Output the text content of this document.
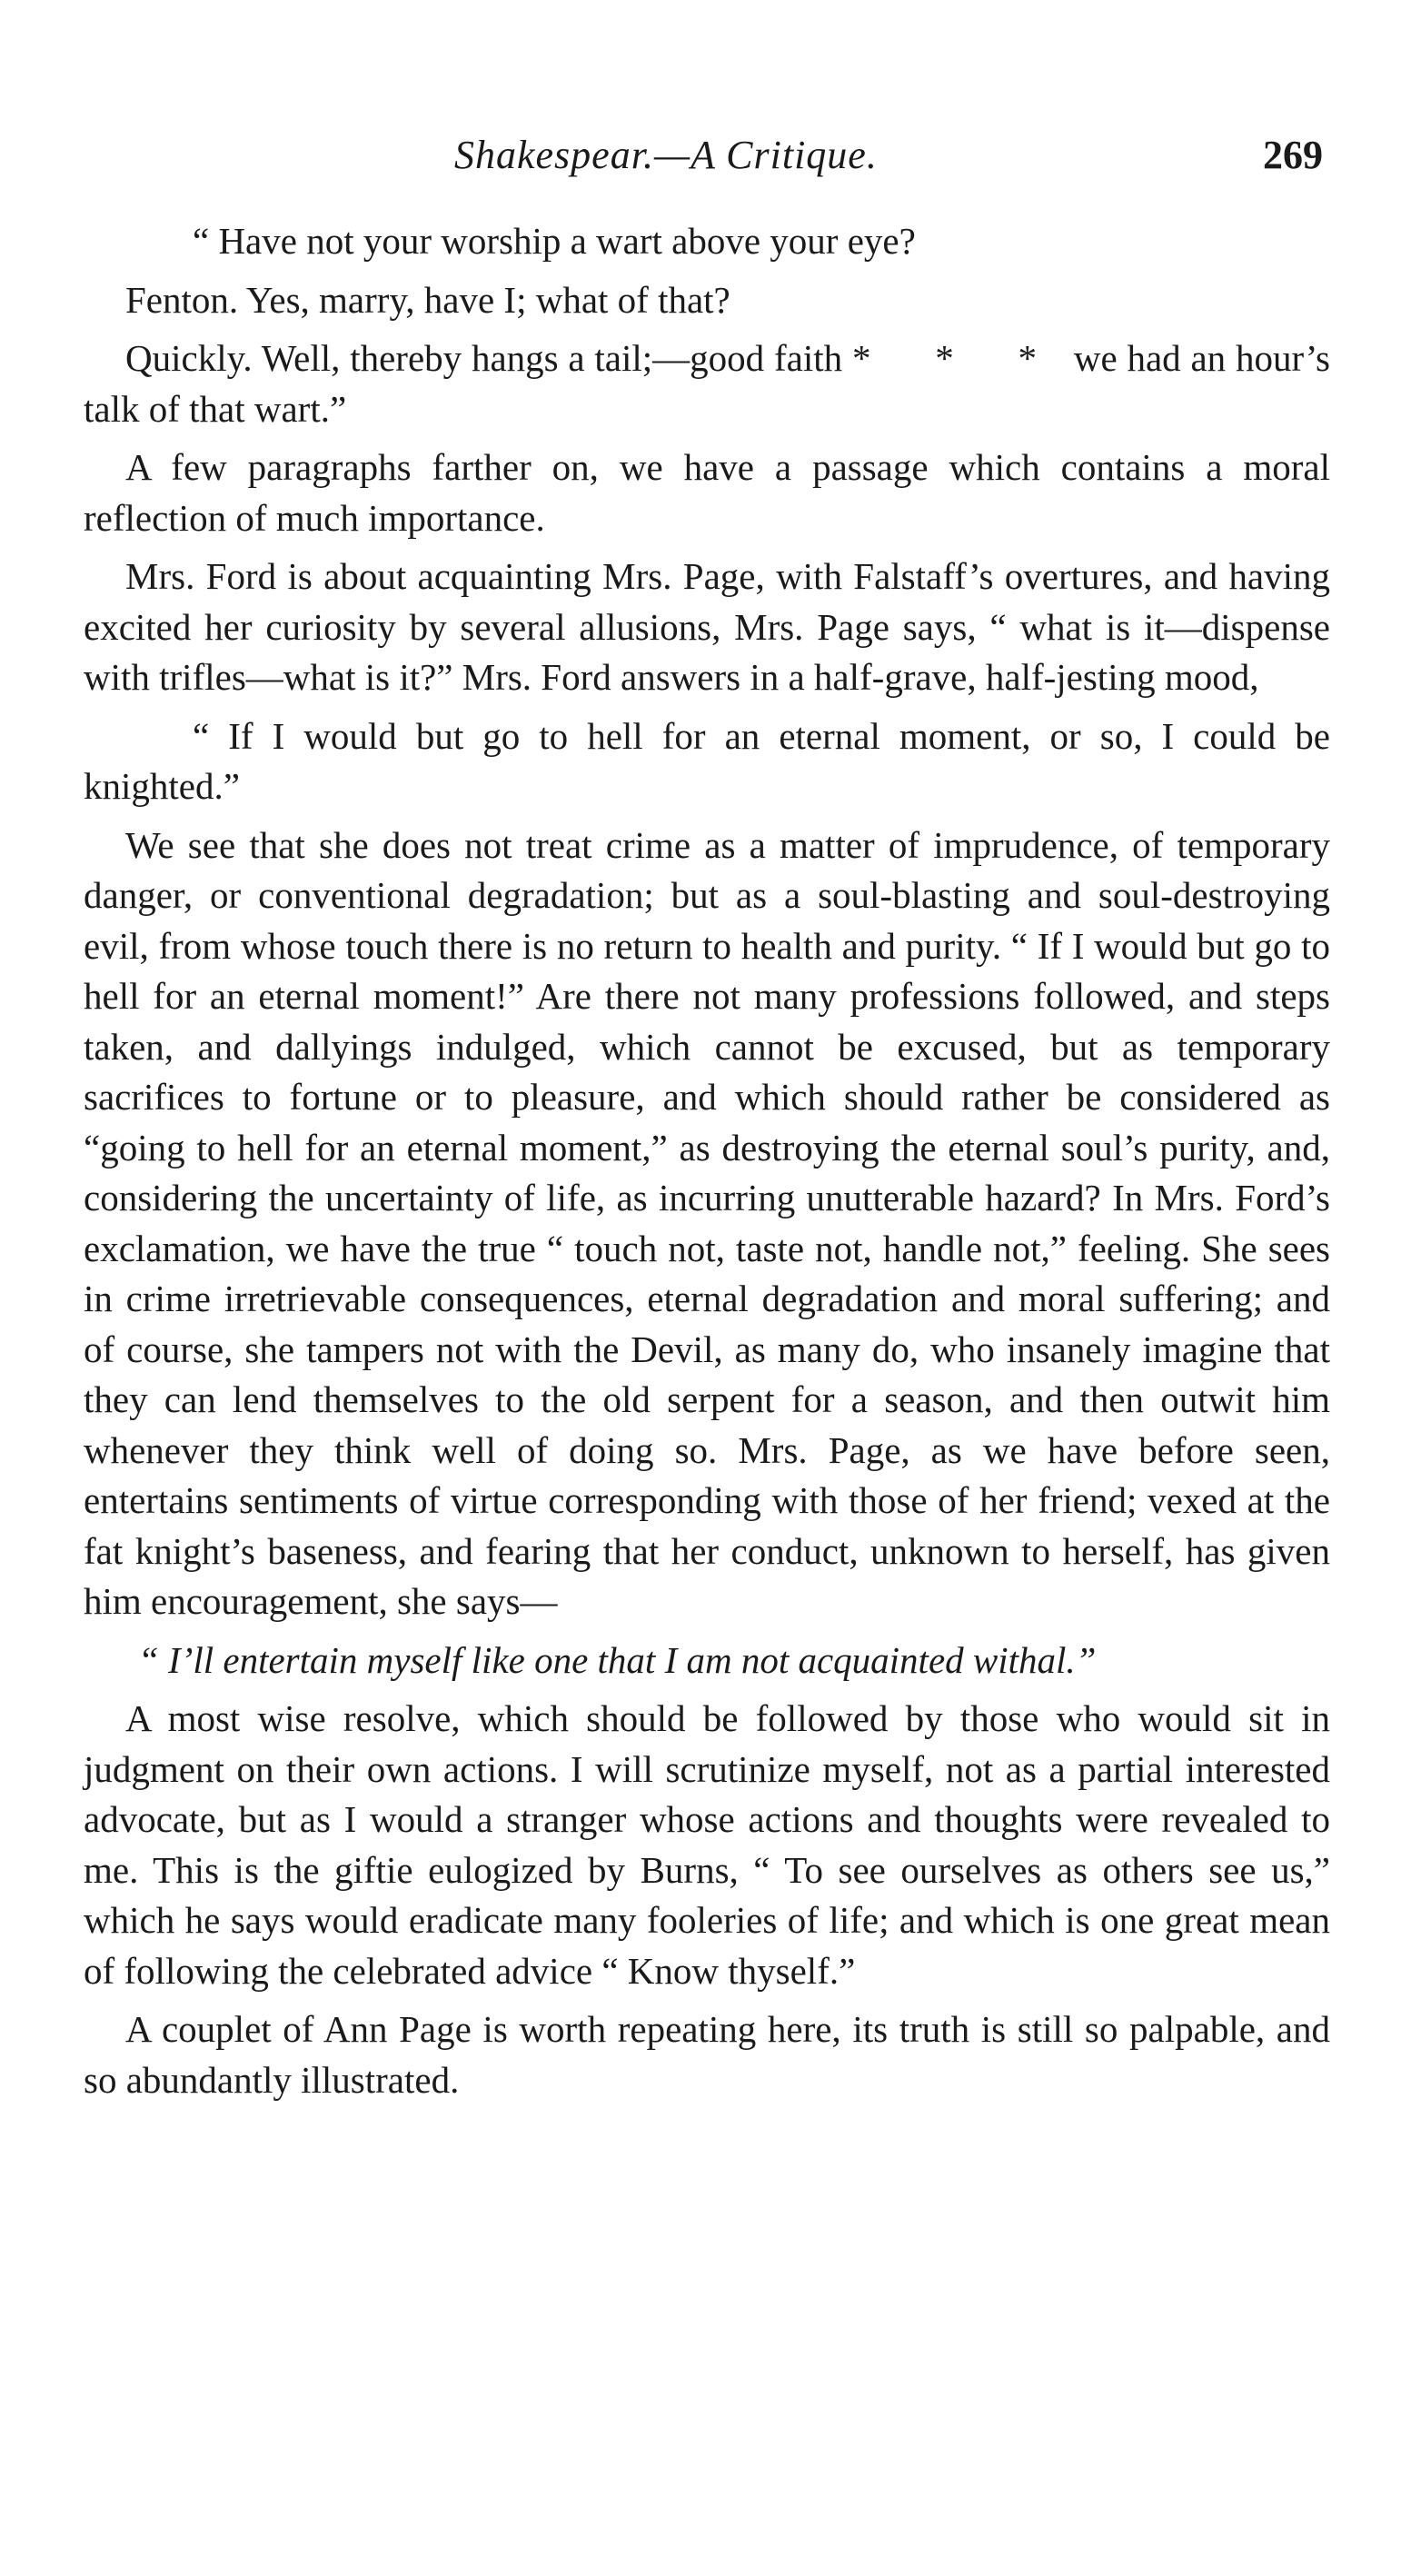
Shakespear.—A Critique.	269

“ Have not your worship a wart above your eye?

Fenton. Yes, marry, have I; what of that?

Quickly. Well, thereby hangs a tail;—good faith * * * we had an hour’s talk of that wart.”

A few paragraphs farther on, we have a passage which contains a moral reflection of much importance.

Mrs. Ford is about acquainting Mrs. Page, with Falstaff’s overtures, and having excited her curiosity by several allusions, Mrs. Page says, “ what is it—dispense with trifles—what is it?” Mrs. Ford answers in a half-grave, half-jesting mood,

“ If I would but go to hell for an eternal moment, or so, I could be knighted.”

We see that she does not treat crime as a matter of imprudence, of temporary danger, or conventional degradation; but as a soul-blasting and soul-destroying evil, from whose touch there is no return to health and purity. “ If I would but go to hell for an eternal moment!” Are there not many professions followed, and steps taken, and dallyings indulged, which cannot be excused, but as temporary sacrifices to fortune or to pleasure, and which should rather be considered as “going to hell for an eternal moment,” as destroying the eternal soul’s purity, and, considering the uncertainty of life, as incurring unutterable hazard? In Mrs. Ford’s exclamation, we have the true “ touch not, taste not, handle not,” feeling. She sees in crime irretrievable consequences, eternal degradation and moral suffering; and of course, she tampers not with the Devil, as many do, who insanely imagine that they can lend themselves to the old serpent for a season, and then outwit him whenever they think well of doing so. Mrs. Page, as we have before seen, entertains sentiments of virtue corresponding with those of her friend; vexed at the fat knight’s baseness, and fearing that her conduct, unknown to herself, has given him encouragement, she says—

“ I’ll entertain myself like one that I am not acquainted withal.”

A most wise resolve, which should be followed by those who would sit in judgment on their own actions. I will scrutinize myself, not as a partial interested advocate, but as I would a stranger whose actions and thoughts were revealed to me. This is the giftie eulogized by Burns, “ To see ourselves as others see us,” which he says would eradicate many fooleries of life; and which is one great mean of following the celebrated advice “ Know thyself.”

A couplet of Ann Page is worth repeating here, its truth is still so palpable, and so abundantly illustrated.
